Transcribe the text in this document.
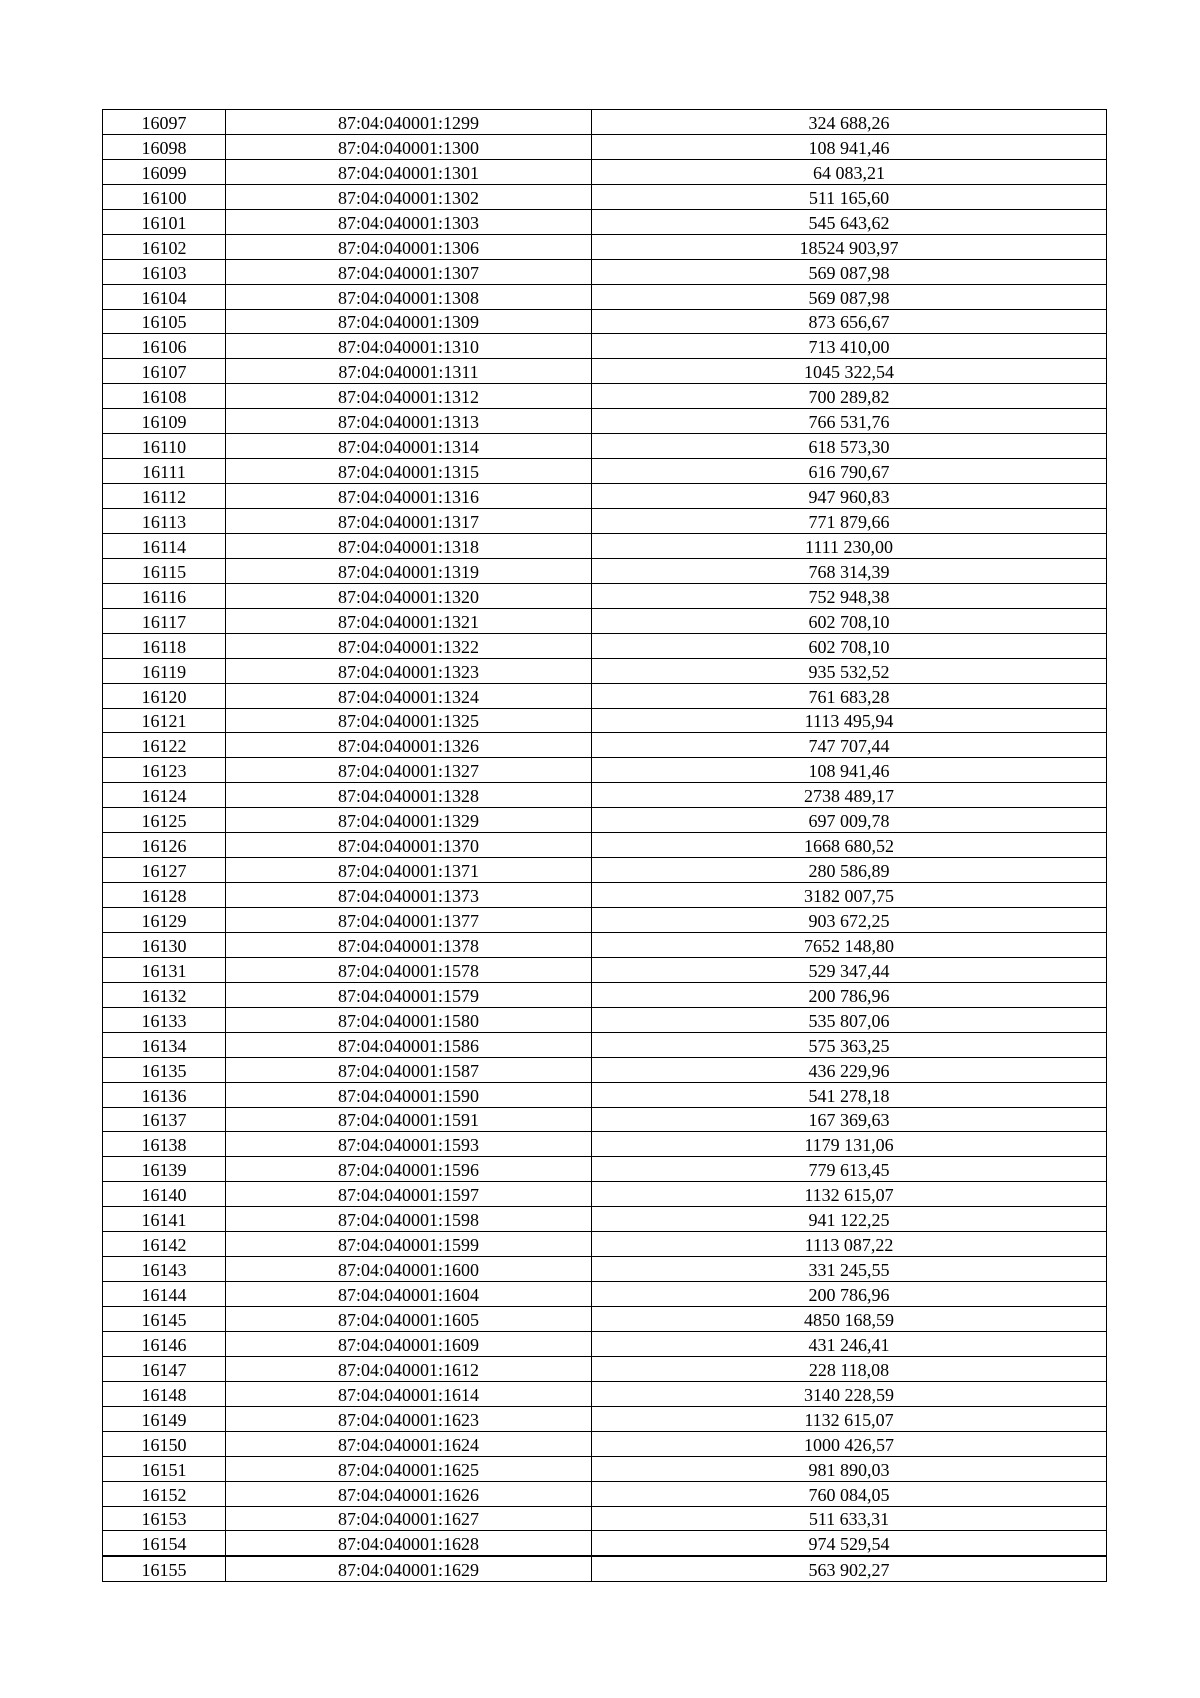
16097	87:04:040001:1299	324 688,26
16098	87:04:040001:1300	108 941,46
16099	87:04:040001:1301	64 083,21
16100	87:04:040001:1302	511 165,60
16101	87:04:040001:1303	545 643,62
16102	87:04:040001:1306	18524 903,97
16103	87:04:040001:1307	569 087,98
16104	87:04:040001:1308	569 087,98
16105	87:04:040001:1309	873 656,67
16106	87:04:040001:1310	713 410,00
16107	87:04:040001:1311	1045 322,54
16108	87:04:040001:1312	700 289,82
16109	87:04:040001:1313	766 531,76
16110	87:04:040001:1314	618 573,30
16111	87:04:040001:1315	616 790,67
16112	87:04:040001:1316	947 960,83
16113	87:04:040001:1317	771 879,66
16114	87:04:040001:1318	1111 230,00
16115	87:04:040001:1319	768 314,39
16116	87:04:040001:1320	752 948,38
16117	87:04:040001:1321	602 708,10
16118	87:04:040001:1322	602 708,10
16119	87:04:040001:1323	935 532,52
16120	87:04:040001:1324	761 683,28
16121	87:04:040001:1325	1113 495,94
16122	87:04:040001:1326	747 707,44
16123	87:04:040001:1327	108 941,46
16124	87:04:040001:1328	2738 489,17
16125	87:04:040001:1329	697 009,78
16126	87:04:040001:1370	1668 680,52
16127	87:04:040001:1371	280 586,89
16128	87:04:040001:1373	3182 007,75
16129	87:04:040001:1377	903 672,25
16130	87:04:040001:1378	7652 148,80
16131	87:04:040001:1578	529 347,44
16132	87:04:040001:1579	200 786,96
16133	87:04:040001:1580	535 807,06
16134	87:04:040001:1586	575 363,25
16135	87:04:040001:1587	436 229,96
16136	87:04:040001:1590	541 278,18
16137	87:04:040001:1591	167 369,63
16138	87:04:040001:1593	1179 131,06
16139	87:04:040001:1596	779 613,45
16140	87:04:040001:1597	1132 615,07
16141	87:04:040001:1598	941 122,25
16142	87:04:040001:1599	1113 087,22
16143	87:04:040001:1600	331 245,55
16144	87:04:040001:1604	200 786,96
16145	87:04:040001:1605	4850 168,59
16146	87:04:040001:1609	431 246,41
16147	87:04:040001:1612	228 118,08
16148	87:04:040001:1614	3140 228,59
16149	87:04:040001:1623	1132 615,07
16150	87:04:040001:1624	1000 426,57
16151	87:04:040001:1625	981 890,03
16152	87:04:040001:1626	760 084,05
16153	87:04:040001:1627	511 633,31
16154	87:04:040001:1628	974 529,54
16155	87:04:040001:1629	563 902,27
